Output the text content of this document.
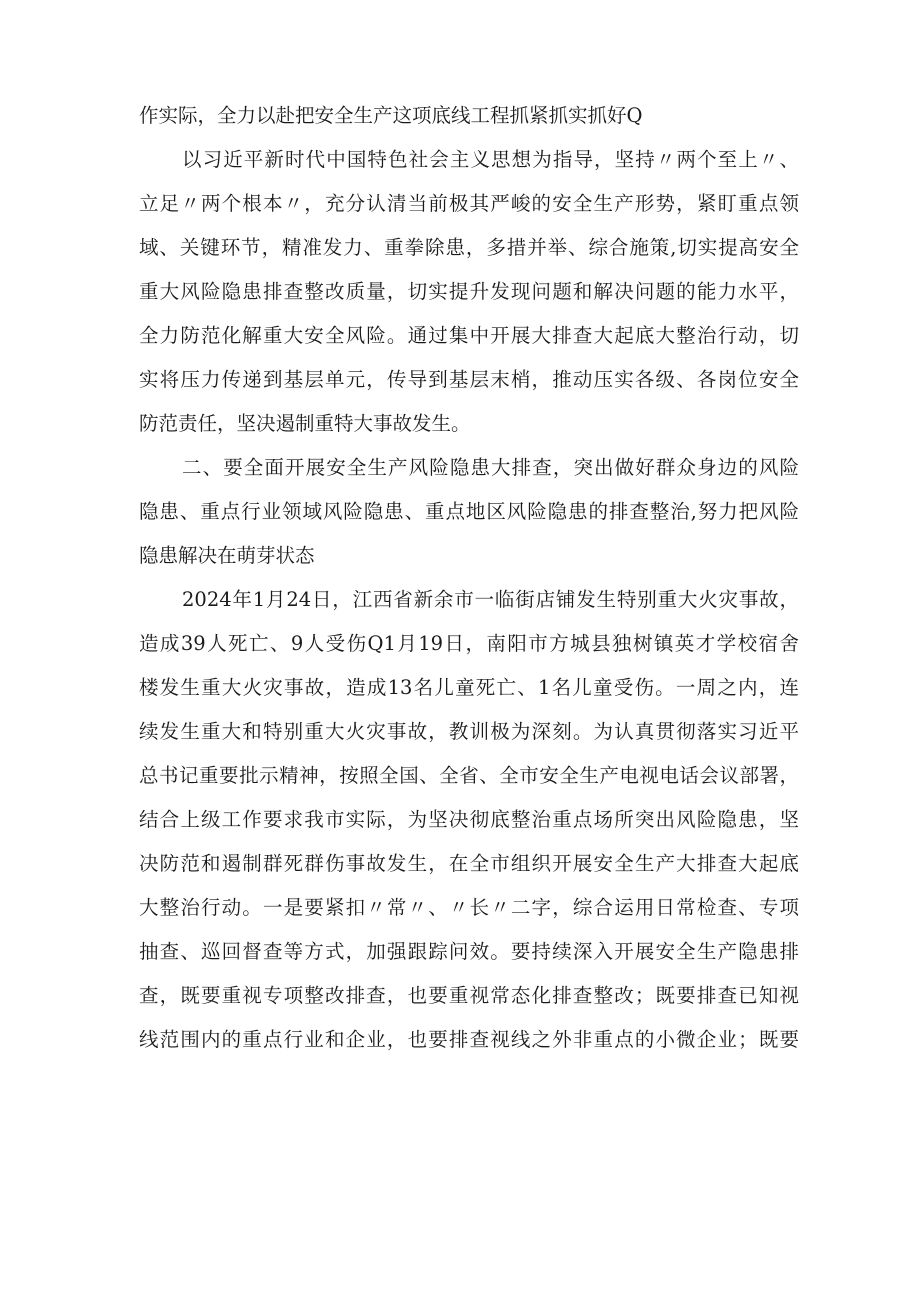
作实际，全力以赴把安全生产这项底线工程抓紧抓实抓好Q
以习近平新时代中国特色社会主义思想为指导，坚持〃两个至上〃、
立足〃两个根本〃，充分认清当前极其严峻的安全生产形势，紧盯重点领
域、关键环节，精准发力、重拳除患，多措并举、综合施策,切实提高安全
重大风险隐患排查整改质量，切实提升发现问题和解决问题的能力水平，
全力防范化解重大安全风险。通过集中开展大排查大起底大整治行动，切
实将压力传递到基层单元，传导到基层末梢，推动压实各级、各岗位安全
防范责任，坚决遏制重特大事故发生。
二、要全面开展安全生产风险隐患大排查，突出做好群众身边的风险
隐患、重点行业领域风险隐患、重点地区风险隐患的排查整治,努力把风险
隐患解决在萌芽状态
2024年1月24日，江西省新余市一临街店铺发生特别重大火灾事故，
造成39人死亡、9人受伤Q1月19日，南阳市方城县独树镇英才学校宿舍
楼发生重大火灾事故，造成13名儿童死亡、1名儿童受伤。一周之内，连
续发生重大和特别重大火灾事故，教训极为深刻。为认真贯彻落实习近平
总书记重要批示精神，按照全国、全省、全市安全生产电视电话会议部署，
结合上级工作要求我市实际，为坚决彻底整治重点场所突出风险隐患，坚
决防范和遏制群死群伤事故发生，在全市组织开展安全生产大排查大起底
大整治行动。一是要紧扣〃常〃、〃长〃二字，综合运用日常检查、专项
抽查、巡回督查等方式，加强跟踪问效。要持续深入开展安全生产隐患排
查，既要重视专项整改排查，也要重视常态化排查整改；既要排查已知视
线范围内的重点行业和企业，也要排查视线之外非重点的小微企业；既要
